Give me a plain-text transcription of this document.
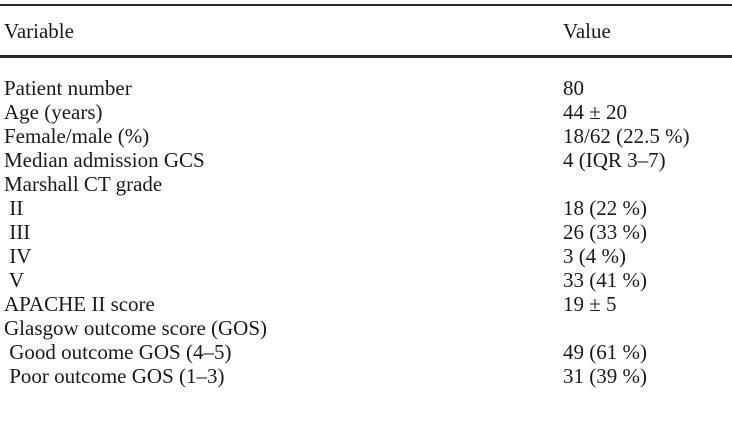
Variable	Value
Patient number	80
Age (years)	44 ± 20
Female/male (%)	18/62 (22.5 %)
Median admission GCS	4 (IQR 3–7)
Marshall CT grade
II	18 (22 %)
III	26 (33 %)
IV	3 (4 %)
V	33 (41 %)
APACHE II score	19 ± 5
Glasgow outcome score (GOS)
Good outcome GOS (4–5)	49 (61 %)
Poor outcome GOS (1–3)	31 (39 %)
